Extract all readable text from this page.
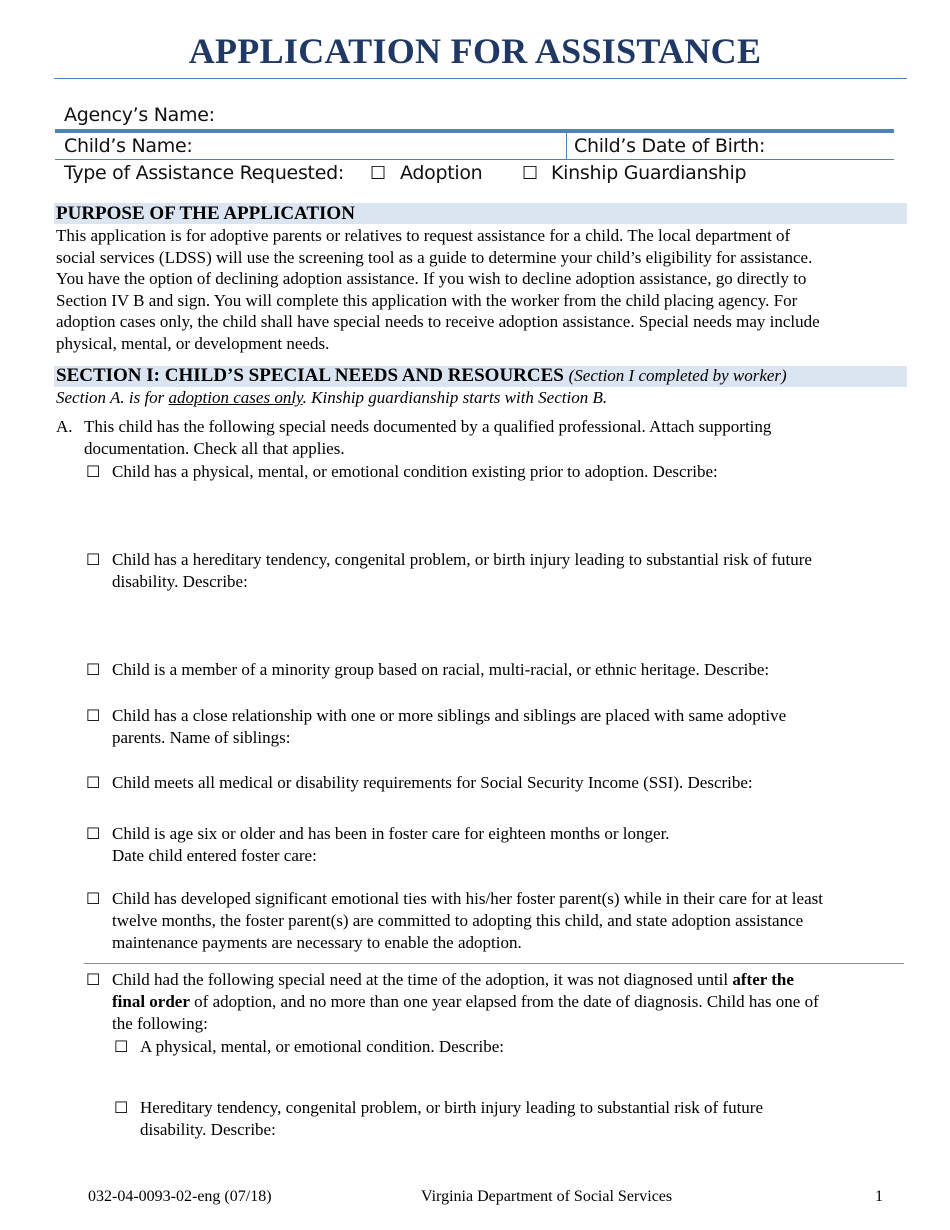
APPLICATION FOR ASSISTANCE
Agency’s Name:
Child’s Name:	Child’s Date of Birth:
Type of Assistance Requested: ☐ Adoption ☐ Kinship Guardianship
PURPOSE OF THE APPLICATION
This application is for adoptive parents or relatives to request assistance for a child. The local department of
social services (LDSS) will use the screening tool as a guide to determine your child’s eligibility for assistance.
You have the option of declining adoption assistance. If you wish to decline adoption assistance, go directly to
Section IV B and sign. You will complete this application with the worker from the child placing agency. For
adoption cases only, the child shall have special needs to receive adoption assistance. Special needs may include
physical, mental, or development needs.
SECTION I: CHILD’S SPECIAL NEEDS AND RESOURCES (Section I completed by worker)
Section A. is for adoption cases only. Kinship guardianship starts with Section B.
A. This child has the following special needs documented by a qualified professional. Attach supporting
documentation. Check all that applies.
☐ Child has a physical, mental, or emotional condition existing prior to adoption. Describe:
☐ Child has a hereditary tendency, congenital problem, or birth injury leading to substantial risk of future
disability. Describe:
☐ Child is a member of a minority group based on racial, multi-racial, or ethnic heritage. Describe:
☐ Child has a close relationship with one or more siblings and siblings are placed with same adoptive
parents. Name of siblings:
☐ Child meets all medical or disability requirements for Social Security Income (SSI). Describe:
☐ Child is age six or older and has been in foster care for eighteen months or longer.
Date child entered foster care:
☐ Child has developed significant emotional ties with his/her foster parent(s) while in their care for at least
twelve months, the foster parent(s) are committed to adopting this child, and state adoption assistance
maintenance payments are necessary to enable the adoption.
☐ Child had the following special need at the time of the adoption, it was not diagnosed until after the
final order of adoption, and no more than one year elapsed from the date of diagnosis. Child has one of
the following:
☐ A physical, mental, or emotional condition. Describe:
☐ Hereditary tendency, congenital problem, or birth injury leading to substantial risk of future
disability. Describe:
032-04-0093-02-eng (07/18)	Virginia Department of Social Services	1
